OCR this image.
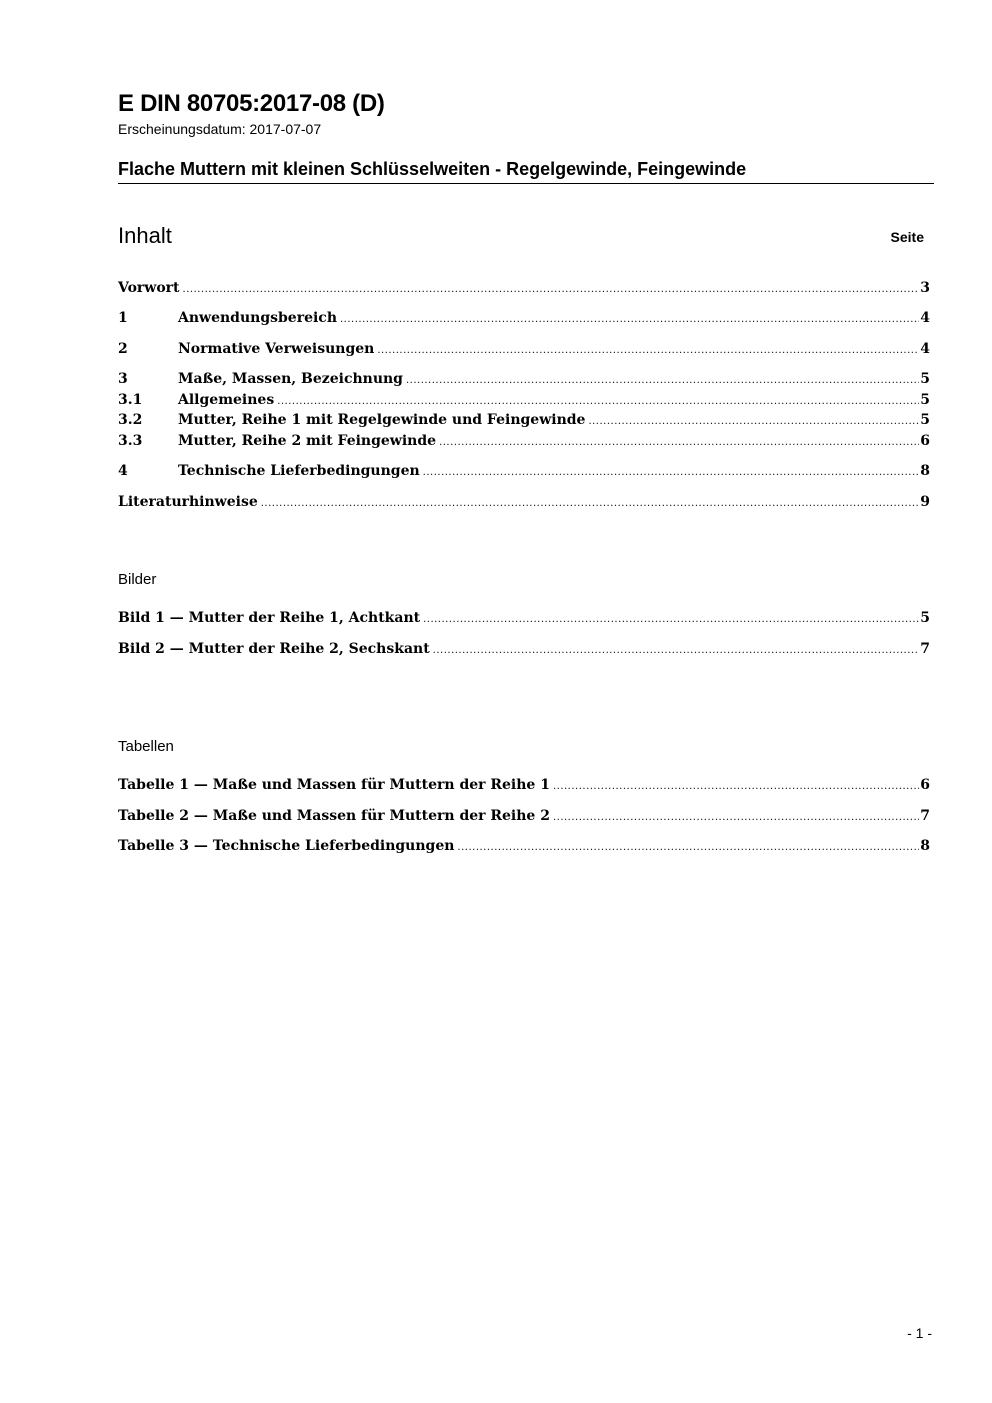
E DIN 80705:2017-08 (D)
Erscheinungsdatum: 2017-07-07
Flache Muttern mit kleinen Schlüsselweiten - Regelgewinde, Feingewinde
Inhalt	Seite
Vorwort .....	3
1	Anwendungsbereich .....	4
2	Normative Verweisungen .....	4
3	Maße, Massen, Bezeichnung .....	5
3.1	Allgemeines .....	5
3.2	Mutter, Reihe 1 mit Regelgewinde und Feingewinde .....	5
3.3	Mutter, Reihe 2 mit Feingewinde .....	6
4	Technische Lieferbedingungen .....	8
Literaturhinweise .....	9
Bilder
Bild 1 — Mutter der Reihe 1, Achtkant .....	5
Bild 2 — Mutter der Reihe 2, Sechskant .....	7
Tabellen
Tabelle 1 — Maße und Massen für Muttern der Reihe 1 .....	6
Tabelle 2 — Maße und Massen für Muttern der Reihe 2 .....	7
Tabelle 3 — Technische Lieferbedingungen .....	8
- 1 -
